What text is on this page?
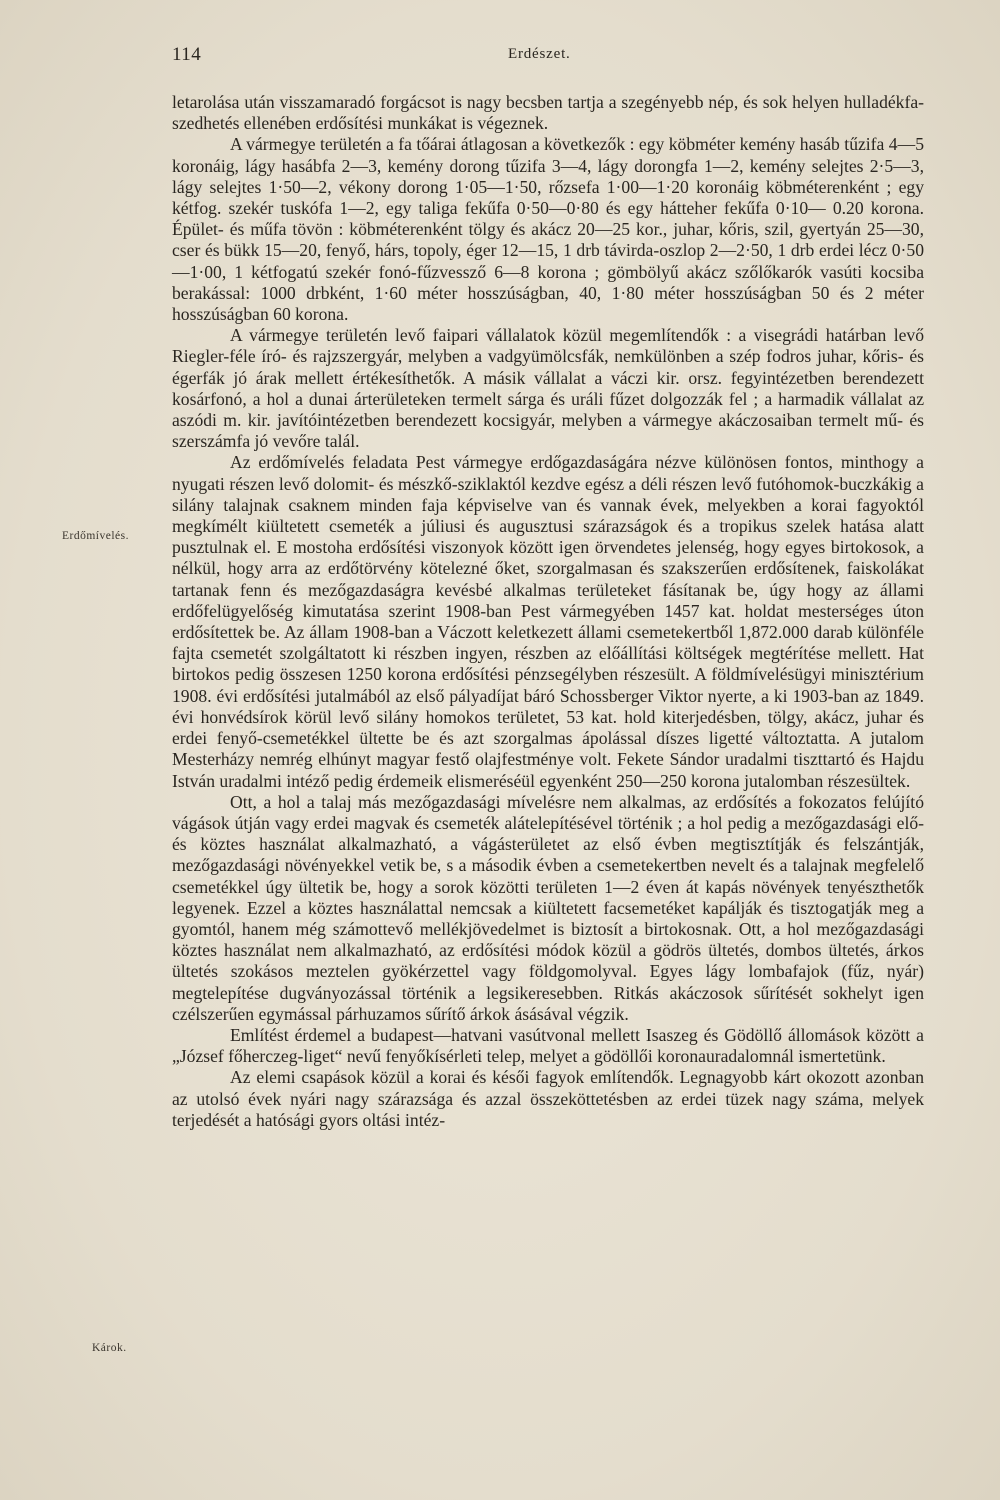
114	Erdészet.
Erdőmívelés.
Károk.

letarolása után visszamaradó forgácsot is nagy becsben tartja a szegényebb nép, és sok helyen hulladékfa-szedhetés ellenében erdősítési munkákat is végeznek.

A vármegye területén a fa tőárai átlagosan a következők : egy köbméter kemény hasáb tűzifa 4—5 koronáig, lágy hasábfa 2—3, kemény dorong tűzifa 3—4, lágy dorongfa 1—2, kemény selejtes 2·5—3, lágy selejtes 1·50—2, vékony dorong 1·05—1·50, rőzsefa 1·00—1·20 koronáig köbméterenként ; egy kétfog. szekér tuskófa 1—2, egy taliga fekűfa 0·50—0·80 és egy hátteher fekűfa 0·10— 0.20 korona. Épület- és műfa tövön : köbméterenként tölgy és akácz 20—25 kor., juhar, kőris, szil, gyertyán 25—30, cser és bükk 15—20, fenyő, hárs, topoly, éger 12—15, 1 drb távirda-oszlop 2—2·50, 1 drb erdei lécz 0·50—1·00, 1 kétfogatú szekér fonó-fűzvessző 6—8 korona ; gömbölyű akácz szőlőkarók vasúti kocsiba berakással: 1000 drbként, 1·60 méter hosszúságban, 40, 1·80 méter hosszúságban 50 és 2 méter hosszúságban 60 korona.

A vármegye területén levő faipari vállalatok közül megemlítendők : a visegrádi határban levő Riegler-féle író- és rajzszergyár, melyben a vadgyümölcsfák, nemkülönben a szép fodros juhar, kőris- és égerfák jó árak mellett értékesíthetők. A másik vállalat a váczi kir. orsz. fegyintézetben berendezett kosárfonó, a hol a dunai árterületeken termelt sárga és uráli fűzet dolgozzák fel ; a harmadik vállalat az aszódi m. kir. javítóintézetben berendezett kocsigyár, melyben a vármegye akáczosaiban termelt mű- és szerszámfa jó vevőre talál.

Az erdőmívelés feladata Pest vármegye erdőgazdaságára nézve különösen fontos, minthogy a nyugati részen levő dolomit- és mészkő-sziklaktól kezdve egész a déli részen levő futóhomok-buczkákig a silány talajnak csaknem minden faja képviselve van és vannak évek, melyekben a korai fagyoktól megkímélt kiültetett csemeték a júliusi és augusztusi szárazságok és a tropikus szelek hatása alatt pusztulnak el. E mostoha erdősítési viszonyok között igen örvendetes jelenség, hogy egyes birtokosok, a nélkül, hogy arra az erdőtörvény kötelezné őket, szorgalmasan és szakszerűen erdősítenek, faiskolákat tartanak fenn és mezőgazdaságra kevésbé alkalmas területeket fásítanak be, úgy hogy az állami erdőfelügyelőség kimutatása szerint 1908-ban Pest vármegyében 1457 kat. holdat mesterséges úton erdősítettek be. Az állam 1908-ban a Váczott keletkezett állami csemetekertből 1,872.000 darab különféle fajta csemetét szolgáltatott ki részben ingyen, részben az előállítási költségek megtérítése mellett. Hat birtokos pedig összesen 1250 korona erdősítési pénzsegélyben részesült. A földmívelésügyi minisztérium 1908. évi erdősítési jutalmából az első pályadíjat báró Schossberger Viktor nyerte, a ki 1903-ban az 1849. évi honvédsírok körül levő silány homokos területet, 53 kat. hold kiterjedésben, tölgy, akácz, juhar és erdei fenyő-csemetékkel ültette be és azt szorgalmas ápolással díszes ligetté változtatta. A jutalom Mesterházy nemrég elhúnyt magyar festő olajfestménye volt. Fekete Sándor uradalmi tiszttartó és Hajdu István uradalmi intéző pedig érdemeik elismeréséül egyenként 250—250 korona jutalomban részesültek.

Ott, a hol a talaj más mezőgazdasági mívelésre nem alkalmas, az erdősítés a fokozatos felújító vágások útján vagy erdei magvak és csemeték alátelepítésével történik ; a hol pedig a mezőgazdasági elő- és köztes használat alkalmazható, a vágásterületet az első évben megtisztítják és felszántják, mezőgazdasági növényekkel vetik be, s a második évben a csemetekertben nevelt és a talajnak megfelelő csemetékkel úgy ültetik be, hogy a sorok közötti területen 1—2 éven át kapás növények tenyészthetők legyenek. Ezzel a köztes használattal nemcsak a kiültetett facsemetéket kapálják és tisztogatják meg a gyomtól, hanem még számottevő mellékjövedelmet is biztosít a birtokosnak. Ott, a hol mezőgazdasági köztes használat nem alkalmazható, az erdősítési módok közül a gödrös ültetés, dombos ültetés, árkos ültetés szokásos meztelen gyökérzettel vagy földgomolyval. Egyes lágy lombafajok (fűz, nyár) megtelepítése dugványozással történik a legsikeresebben. Ritkás akáczosok sűrítését sokhelyt igen czélszerűen egymással párhuzamos sűrítő árkok ásásával végzik.

Említést érdemel a budapest—hatvani vasútvonal mellett Isaszeg és Gödöllő állomások között a „József főherczeg-liget“ nevű fenyőkísérleti telep, melyet a gödöllői koronauradalomnál ismertetünk.

Az elemi csapások közül a korai és késői fagyok említendők. Legnagyobb kárt okozott azonban az utolsó évek nyári nagy szárazsága és azzal összeköttetésben az erdei tüzek nagy száma, melyek terjedését a hatósági gyors oltási intéz-
